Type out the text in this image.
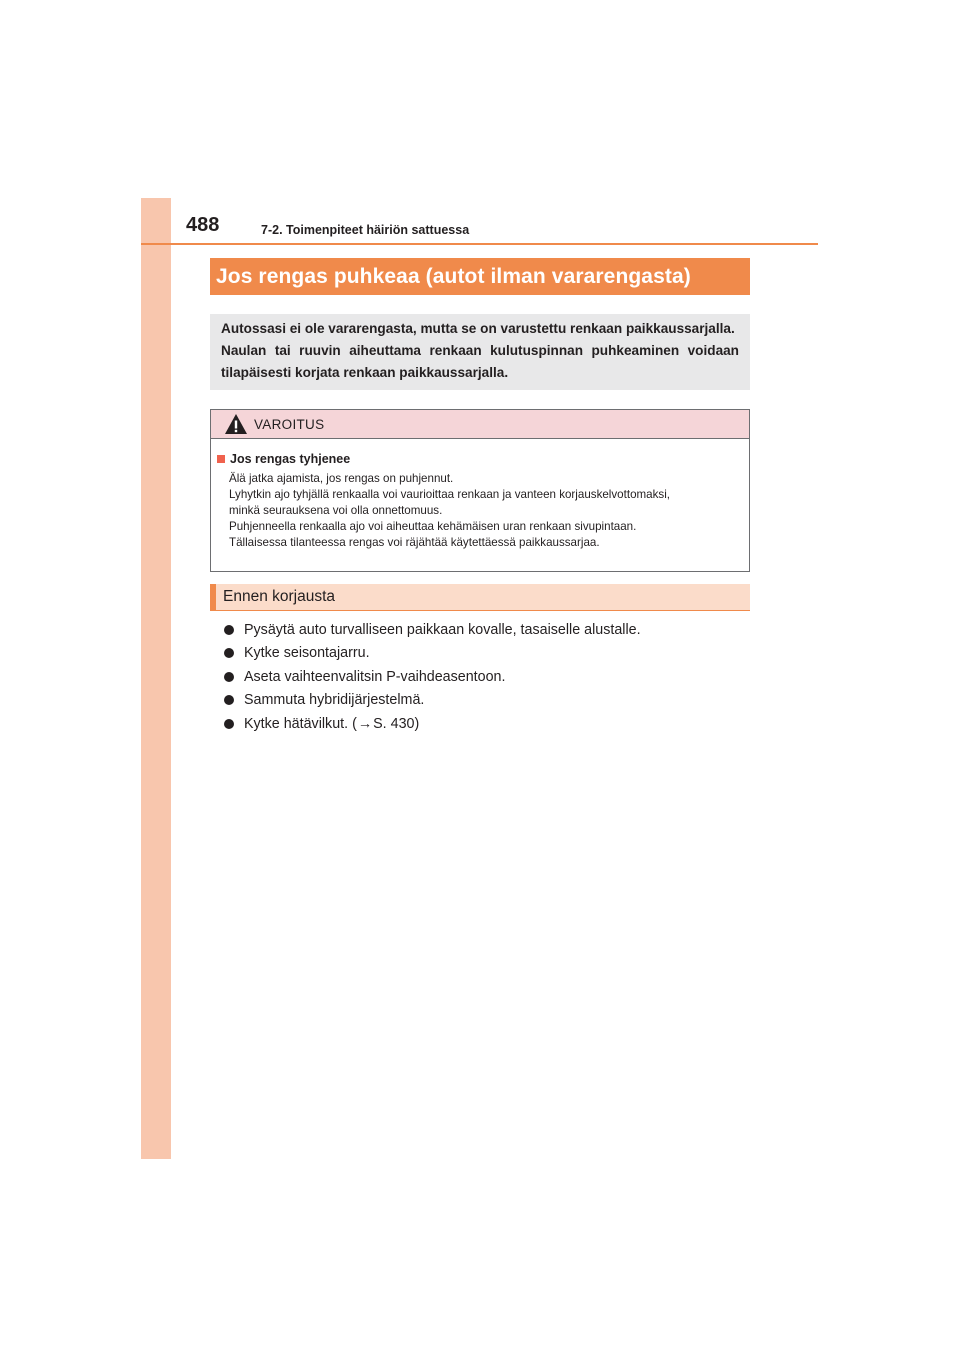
488	7-2. Toimenpiteet häiriön sattuessa
Jos rengas puhkeaa (autot ilman vararengasta)
Autossasi ei ole vararengasta, mutta se on varustettu renkaan paikkaussarjalla.
Naulan tai ruuvin aiheuttama renkaan kulutuspinnan puhkeaminen voidaan
tilapäisesti korjata renkaan paikkaussarjalla.
VAROITUS
Jos rengas tyhjenee

Älä jatka ajamista, jos rengas on puhjennut.

Lyhytkin ajo tyhjällä renkaalla voi vaurioittaa renkaan ja vanteen korjauskelvottomaksi,

minkä seurauksena voi olla onnettomuus.

Puhjenneella renkaalla ajo voi aiheuttaa kehämäisen uran renkaan sivupintaan.

Tällaisessa tilanteessa rengas voi räjähtää käytettäessä paikkaussarjaa.

Ennen korjausta
Pysäytä auto turvalliseen paikkaan kovalle, tasaiselle alustalle.
Kytke seisontajarru.
Aseta vaihteenvalitsin P-vaihdeasentoon.
Sammuta hybridijärjestelmä.
Kytke hätävilkut. ( → S. 430)
